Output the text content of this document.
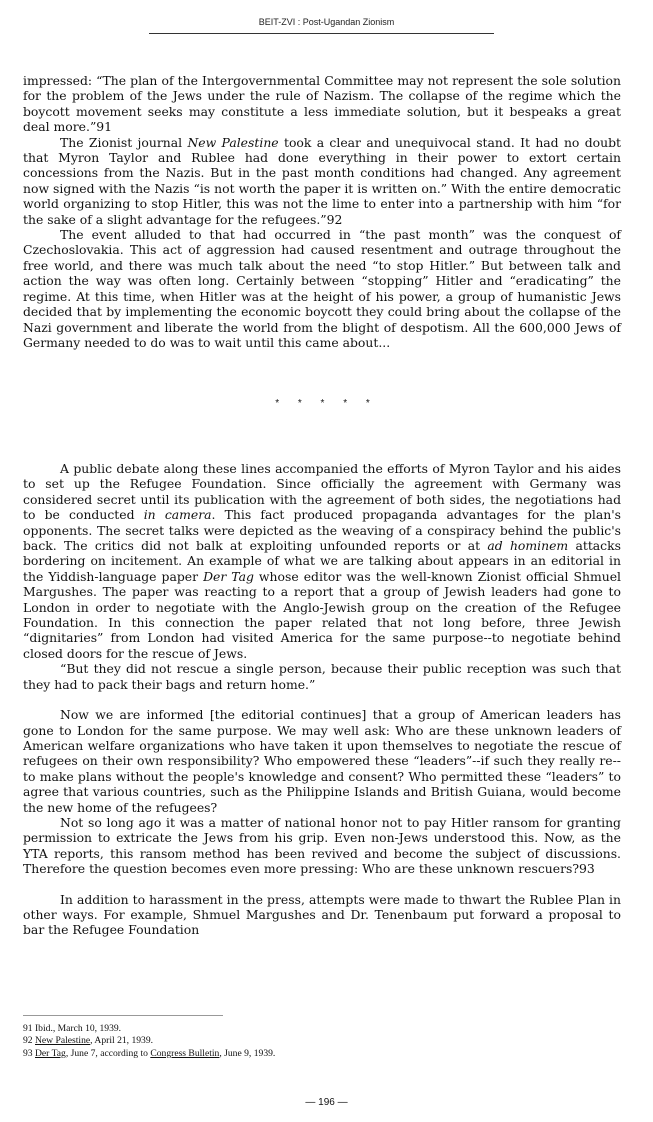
BEIT-ZVI : Post-Ugandan Zionism

impressed: “The plan of the Intergovernmental Committee may not represent the sole solution for the problem of the Jews under the rule of Nazism. The collapse of the regime which the boycott movement seeks may constitute a less immediate solution, but it bespeaks a great deal more.”91

The Zionist journal New Palestine took a clear and unequivocal stand. It had no doubt that Myron Taylor and Rublee had done everything in their power to extort certain concessions from the Nazis. But in the past month conditions had changed. Any agreement now signed with the Nazis “is not worth the paper it is written on.” With the entire democratic world organizing to stop Hitler, this was not the lime to enter into a partnership with him “for the sake of a slight advantage for the refugees.”92

The event alluded to that had occurred in “the past month” was the conquest of Czechoslovakia. This act of aggression had caused resentment and outrage throughout the free world, and there was much talk about the need “to stop Hitler.” But between talk and action the way was often long. Certainly between “stopping” Hitler and “eradicating” the regime. At this time, when Hitler was at the height of his power, a group of humanistic Jews decided that by implementing the economic boycott they could bring about the collapse of the Nazi government and liberate the world from the blight of despotism. All the 600,000 Jews of Germany needed to do was to wait until this came about...

* * * * *

A public debate along these lines accompanied the efforts of Myron Taylor and his aides to set up the Refugee Foundation. Since officially the agreement with Germany was considered secret until its publication with the agreement of both sides, the negotiations had to be conducted in camera. This fact produced propaganda advantages for the plan's opponents. The secret talks were depicted as the weaving of a conspiracy behind the public's back. The critics did not balk at exploiting unfounded reports or at ad hominem attacks bordering on incitement. An example of what we are talking about appears in an editorial in the Yiddish-language paper Der Tag whose editor was the well-known Zionist official Shmuel Margushes. The paper was reacting to a report that a group of Jewish leaders had gone to London in order to negotiate with the Anglo-Jewish group on the creation of the Refugee Foundation. In this connection the paper related that not long before, three Jewish “dignitaries” from London had visited America for the same purpose--to negotiate behind closed doors for the rescue of Jews.

“But they did not rescue a single person, because their public reception was such that they had to pack their bags and return home.”

Now we are informed [the editorial continues] that a group of American leaders has gone to London for the same purpose. We may well ask: Who are these unknown leaders of American welfare organizations who have taken it upon themselves to negotiate the rescue of refugees on their own responsibility? Who empowered these “leaders”--if such they really re--to make plans without the people's knowledge and consent? Who permitted these “leaders” to agree that various countries, such as the Philippine Islands and British Guiana, would become the new home of the refugees?

Not so long ago it was a matter of national honor not to pay Hitler ransom for granting permission to extricate the Jews from his grip. Even non-Jews understood this. Now, as the YTA reports, this ransom method has been revived and become the subject of discussions. Therefore the question becomes even more pressing: Who are these unknown rescuers?93

In addition to harassment in the press, attempts were made to thwart the Rublee Plan in other ways. For example, Shmuel Margushes and Dr. Tenenbaum put forward a proposal to bar the Refugee Foundation

91 Ibid., March 10, 1939.
92 New Palestine, April 21, 1939.
93 Der Tag, June 7, according to Congress Bulletin, June 9, 1939.
— 196 —
